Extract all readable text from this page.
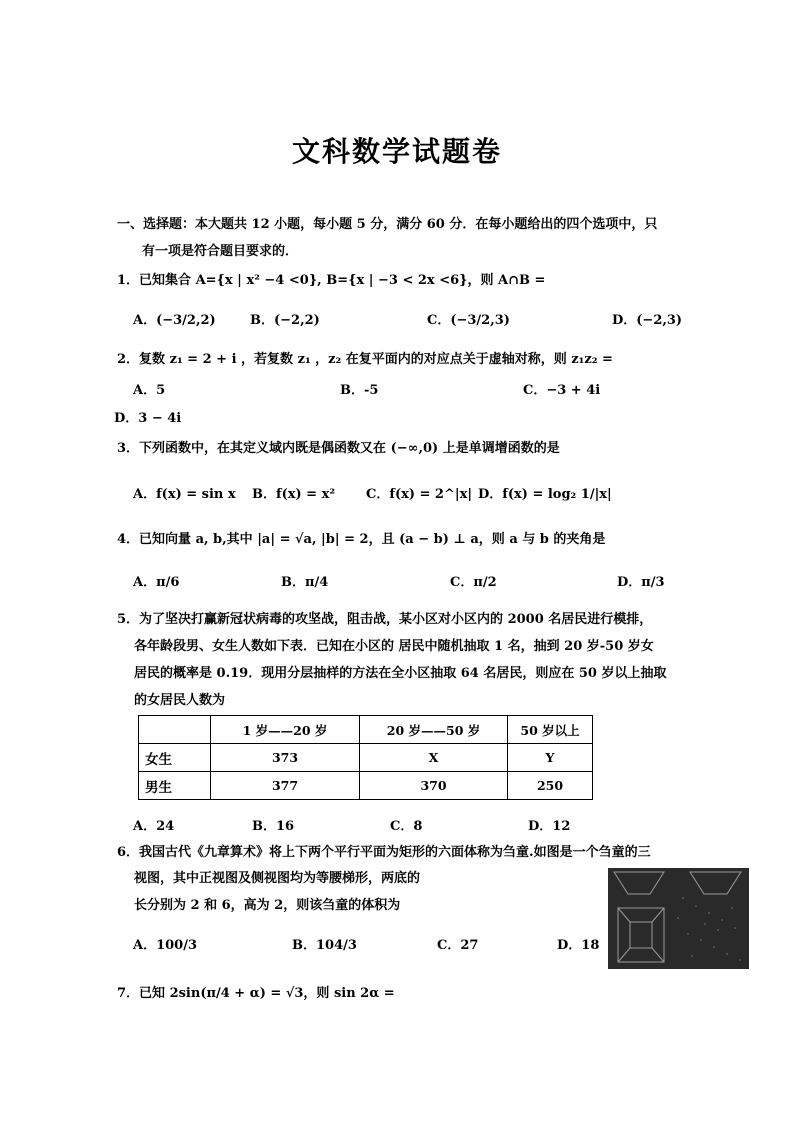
文科数学试题卷
一、选择题：本大题共 12 小题，每小题 5 分，满分 60 分．在每小题给出的四个选项中，只
有一项是符合题目要求的．
1．已知集合 A={x | x² −4 <0}, B={x | −3 < 2x <6}，则 A∩B =
A．(−3/2,2)	B．(−2,2)	C．(−3/2,3)	D．(−2,3)
2．复数 z₁ = 2 + i ，若复数 z₁ ，z₂ 在复平面内的对应点关于虚轴对称，则 z₁z₂ =
A．5	B．-5	C．−3 + 4i
D．3 − 4i
3．下列函数中，在其定义域内既是偶函数又在 (−∞,0) 上是单调增函数的是
A．f(x) = sin x B．f(x) = x² C．f(x) = 2^|x| D．f(x) = log₂ 1/|x|
4．已知向量 a, b,其中 |a| = √a, |b| = 2，且 (a − b) ⊥ a，则 a 与 b 的夹角是
A．π/6	B．π/4	C．π/2	D．π/3
5．为了坚决打赢新冠状病毒的攻坚战，阻击战，某小区对小区内的 2000 名居民进行模排，
各年龄段男、女生人数如下表．已知在小区的 居民中随机抽取 1 名，抽到 20 岁-50 岁女
居民的概率是 0.19．现用分层抽样的方法在全小区抽取 64 名居民，则应在 50 岁以上抽取
的女居民人数为
	1 岁——20 岁	20 岁——50 岁	50 岁以上
女生	373	X	Y
男生	377	370	250
A．24	B．16	C．8	D．12
6．我国古代《九章算术》将上下两个平行平面为矩形的六面体称为刍童.如图是一个刍童的三
视图，其中正视图及侧视图均为等腰梯形，两底的
长分别为 2 和 6，高为 2，则该刍童的体积为
A．100/3	B．104/3	C．27	D．18
7．已知 2sin(π/4 + α) = √3，则 sin 2α =
